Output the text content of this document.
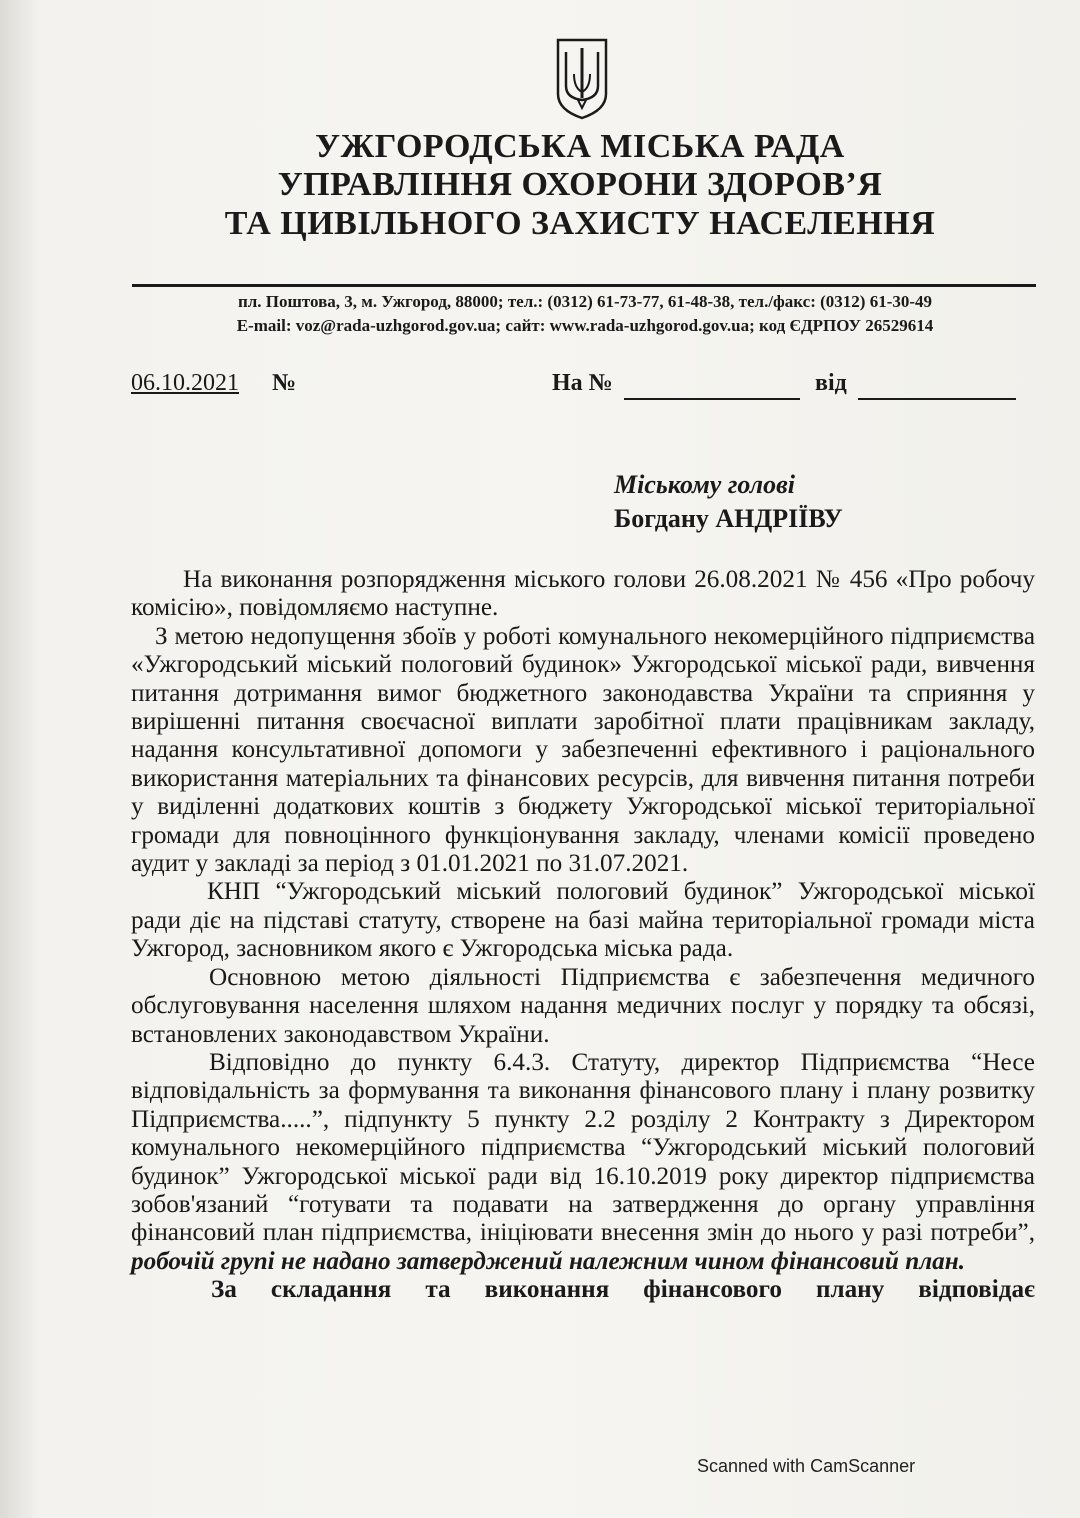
УЖГОРОДСЬКА МІСЬКА РАДА
УПРАВЛІННЯ ОХОРОНИ ЗДОРОВ’Я
ТА ЦИВІЛЬНОГО ЗАХИСТУ НАСЕЛЕННЯ
пл. Поштова, 3, м. Ужгород, 88000; тел.: (0312) 61-73-77, 61-48-38, тел./факс: (0312) 61-30-49
E-mail: voz@rada-uzhgorod.gov.ua; сайт: www.rada-uzhgorod.gov.ua; код ЄДРПОУ 26529614
06.10.2021 №	На №	від
Міському голові
Богдану АНДРІЇВУ

На виконання розпорядження міського голови 26.08.2021 № 456 «Про робочу комісію», повідомляємо наступне.

З метою недопущення збоїв у роботі комунального некомерційного підприємства «Ужгородський міський пологовий будинок» Ужгородської міської ради, вивчення питання дотримання вимог бюджетного законодавства України та сприяння у вирішенні питання своєчасної виплати заробітної плати працівникам закладу, надання консультативної допомоги у забезпеченні ефективного і раціонального використання матеріальних та фінансових ресурсів, для вивчення питання потреби у виділенні додаткових коштів з бюджету Ужгородської міської територіальної громади для повноцінного функціонування закладу, членами комісії проведено аудит у закладі за період з 01.01.2021 по 31.07.2021.

КНП “Ужгородський міський пологовий будинок” Ужгородської міської ради діє на підставі статуту, створене на базі майна територіальної громади міста Ужгород, засновником якого є Ужгородська міська рада.

Основною метою діяльності Підприємства є забезпечення медичного обслуговування населення шляхом надання медичних послуг у порядку та обсязі, встановлених законодавством України.

Відповідно до пункту 6.4.3. Статуту, директор Підприємства “Несе відповідальність за формування та виконання фінансового плану і плану розвитку Підприємства.....”, підпункту 5 пункту 2.2 розділу 2 Контракту з Директором комунального некомерційного підприємства “Ужгородський міський пологовий будинок” Ужгородської міської ради від 16.10.2019 року директор підприємства зобов'язаний “готувати та подавати на затвердження до органу управління фінансовий план підприємства, ініціювати внесення змін до нього у разі потреби”, робочій групі не надано затверджений належним чином фінансовий план.

За складання та виконання фінансового плану відповідає

Scanned with CamScanner
